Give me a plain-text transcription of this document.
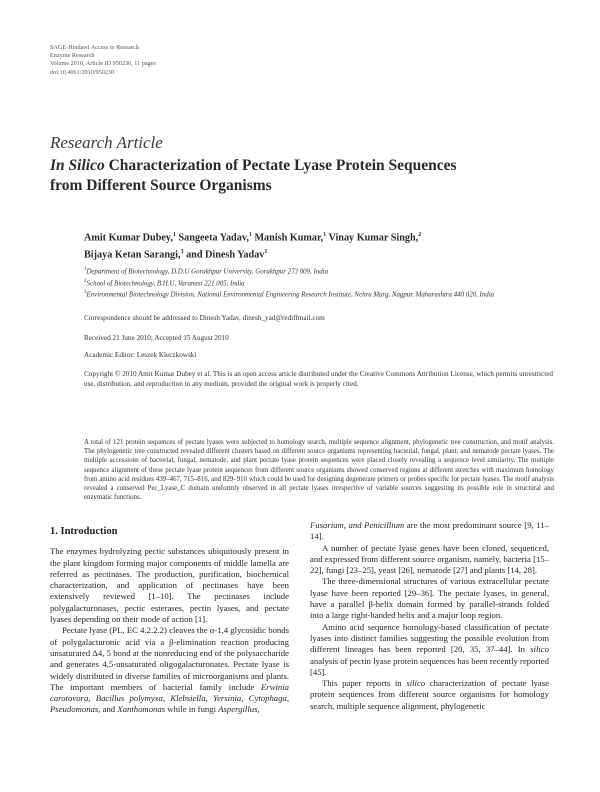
SAGE-Hindawi Access to Research
Enzyme Research
Volume 2010, Article ID 950230, 11 pages
doi:10.4061/2010/950230
Research Article
In Silico Characterization of Pectate Lyase Protein Sequences
from Different Source Organisms
Amit Kumar Dubey,$^1$ Sangeeta Yadav,$^1$ Manish Kumar,$^1$ Vinay Kumar Singh,$^2$
Bijaya Ketan Sarangi,$^3$ and Dinesh Yadav$^1$
$^1$Department of Biotechnology, D.D.U Gorakhpur University, Gorakhpur 273 009, India
$^2$School of Biotechnology, B.H.U, Varanasi 221 005, India
$^3$Environmental Biotechnology Division, National Environmental Engineering Research Institute, Nehru Marg, Nagpur, Maharashtra 440 020, India
Correspondence should be addressed to Dinesh Yadav, dinesh_yad@rediffmail.com
Received 21 June 2010; Accepted 15 August 2010
Academic Editor: Leszek Kleczkowski
Copyright © 2010 Amit Kumar Dubey et al. This is an open access article distributed under the Creative Commons Attribution License, which permits unrestricted use, distribution, and reproduction in any medium, provided the original work is properly cited.
A total of 121 protein sequences of pectate lyases were subjected to homology search, multiple sequence alignment, phylogenetic tree construction, and motif analysis. The phylogenetic tree constructed revealed different clusters based on different source organisms representing bacterial, fungal, plant, and nematode pectate lyases. The multiple accessions of bacterial, fungal, nematode, and plant pectate lyase protein sequences were placed closely revealing a sequence level similarity. The multiple sequence alignment of these pectate lyase protein sequences from different source organisms showed conserved regions at different stretches with maximum homology from amino acid residues 439–467, 715–816, and 829–910 which could be used for designing degenerate primers or probes specific for pectate lyases. The motif analysis revealed a conserved Pec_Lyase_C domain uniformly observed in all pectate lyases irrespective of variable sources suggesting its possible role in structural and enzymatic functions.
1. Introduction

The enzymes hydrolyzing pectic substances ubiquitously present in the plant kingdom forming major components of middle lamella are referred as pectinases. The production, purification, biochemical characterization, and application of pectinases have been extensively reviewed [1–10]. The pectinases include polygalacturonases, pectic esterases, pectin lyases, and pectate lyases depending on their mode of action [1].

Pectate lyase (PL, EC 4.2.2.2) cleaves the α-1,4 glycosidic bonds of polygalacturonic acid via a β-elimination reaction producing unsaturated Δ4, 5 bond at the nonreducing end of the polysaccharide and generates 4,5-unsaturated oligogalacturonates. Pectate lyase is widely distributed in diverse families of microorganisms and plants. The important members of bacterial family include Erwinia carotovora, Bacillus polymyxa, Klebsiella, Yersinia, Cytophaga, Pseudomonas, and Xanthomonas while in fungi Aspergillus,

Fusarium, and Penicillium are the most predominant source [9, 11–14].

A number of pectate lyase genes have been cloned, sequenced, and expressed from different source organism, namely, bacteria [15–22], fungi [23–25], yeast [26], nematode [27] and plants [14, 28].

The three-dimensional structures of various extracellular pectate lyase have been reported [29–36]. The pectate lyases, in general, have a parallel β-helix domain formed by parallel-strands folded into a large right-handed helix and a major loop region.

Amino acid sequence homology-based classification of pectate lyases into distinct families suggesting the possible evolution from different lineages has been reported [20, 35, 37–44]. In silico analysis of pectin lyase protein sequences has been recently reported [45].

This paper reports in silico characterization of pectate lyase protein sequences from different source organisms for homology search, multiple sequence alignment, phylogenetic
